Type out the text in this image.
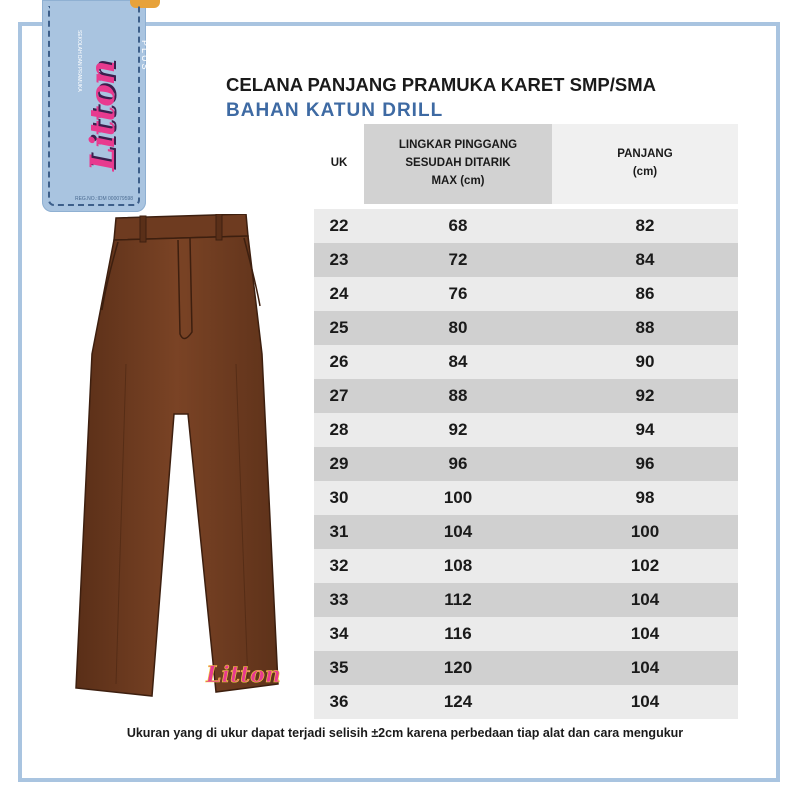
SEKOLAH DAN PRAMUKA	PLUS
Litton
REG.NO.:IDM 000079598
Litton
CELANA PANJANG PRAMUKA KARET SMP/SMA
BAHAN KATUN DRILL
UK
LINGKAR PINGGANG
SESUDAH DITARIK
MAX (cm)
PANJANG
(cm)
22	68	82
23	72	84
24	76	86
25	80	88
26	84	90
27	88	92
28	92	94
29	96	96
30	100	98
31	104	100
32	108	102
33	112	104
34	116	104
35	120	104
36	124	104
Ukuran yang di ukur dapat terjadi selisih ±2cm karena perbedaan tiap alat dan cara mengukur
